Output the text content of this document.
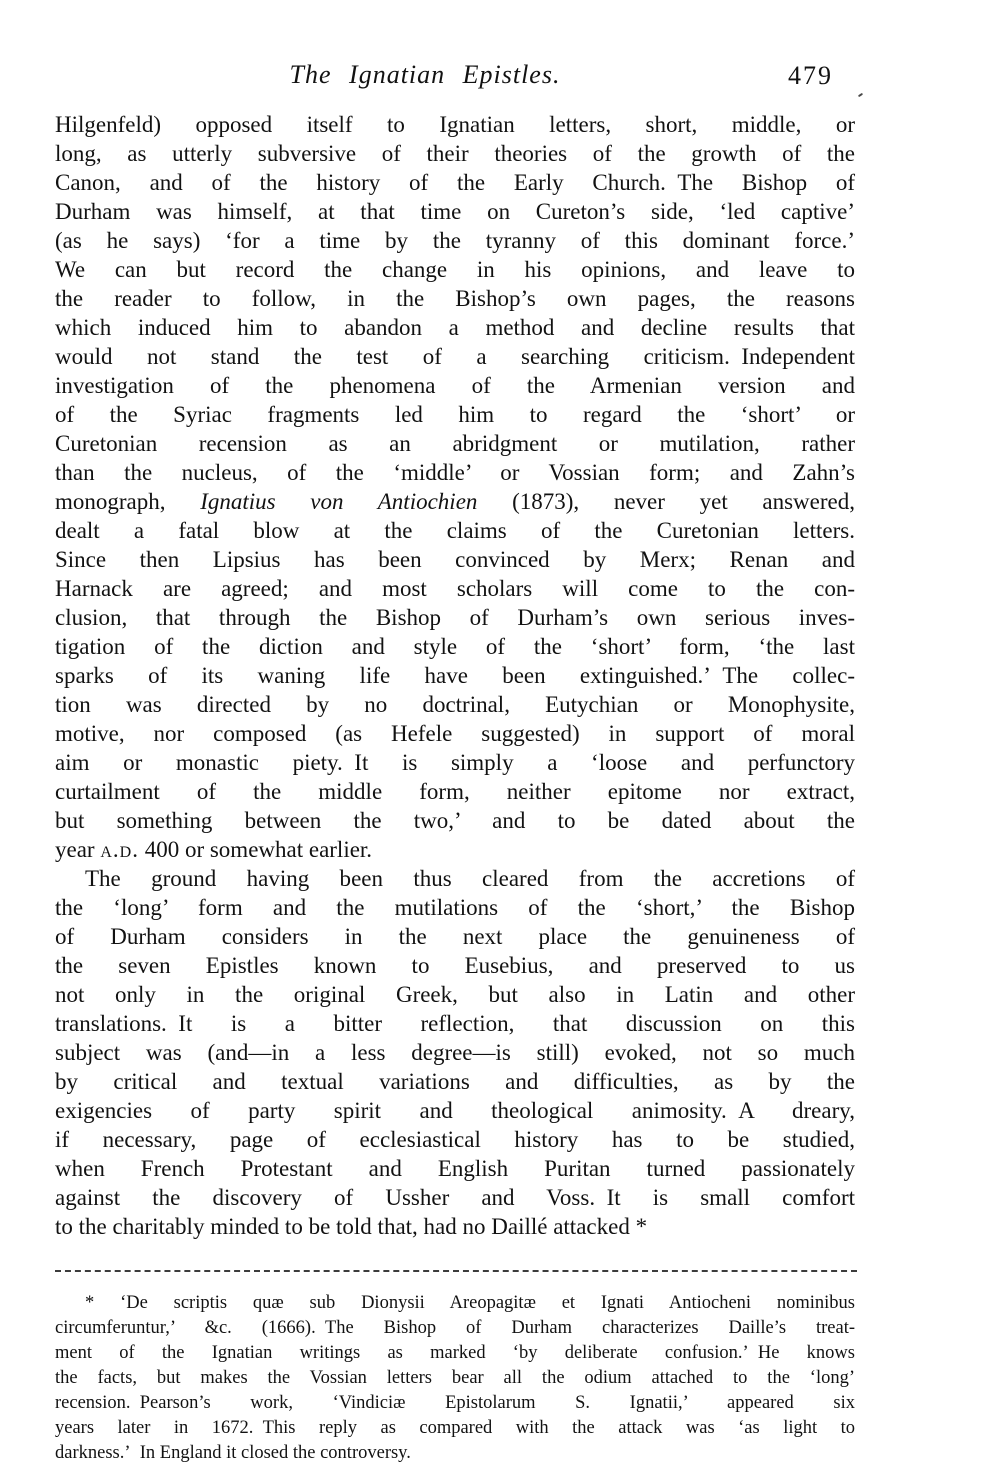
The Ignatian Epistles.	479
Hilgenfeld) opposed itself to Ignatian letters, short, middle, or
long, as utterly subversive of their theories of the growth of the
Canon, and of the history of the Early Church. The Bishop of
Durham was himself, at that time on Cureton’s side, ‘led captive’
(as he says) ‘for a time by the tyranny of this dominant force.’
We can but record the change in his opinions, and leave to
the reader to follow, in the Bishop’s own pages, the reasons
which induced him to abandon a method and decline results that
would not stand the test of a searching criticism. Independent
investigation of the phenomena of the Armenian version and
of the Syriac fragments led him to regard the ‘short’ or
Curetonian recension as an abridgment or mutilation, rather
than the nucleus, of the ‘middle’ or Vossian form; and Zahn’s
monograph, Ignatius von Antiochien (1873), never yet answered,
dealt a fatal blow at the claims of the Curetonian letters.
Since then Lipsius has been convinced by Merx; Renan and
Harnack are agreed; and most scholars will come to the con-
clusion, that through the Bishop of Durham’s own serious inves-
tigation of the diction and style of the ‘short’ form, ‘the last
sparks of its waning life have been extinguished.’ The collec-
tion was directed by no doctrinal, Eutychian or Monophysite,
motive, nor composed (as Hefele suggested) in support of moral
aim or monastic piety. It is simply a ‘loose and perfunctory
curtailment of the middle form, neither epitome nor extract,
but something between the two,’ and to be dated about the
year a.d. 400 or somewhat earlier.
The ground having been thus cleared from the accretions of
the ‘long’ form and the mutilations of the ‘short,’ the Bishop
of Durham considers in the next place the genuineness of
the seven Epistles known to Eusebius, and preserved to us
not only in the original Greek, but also in Latin and other
translations. It is a bitter reflection, that discussion on this
subject was (and—in a less degree—is still) evoked, not so much
by critical and textual variations and difficulties, as by the
exigencies of party spirit and theological animosity. A dreary,
if necessary, page of ecclesiastical history has to be studied,
when French Protestant and English Puritan turned passionately
against the discovery of Ussher and Voss. It is small comfort
to the charitably minded to be told that, had no Daillé attacked *
* ‘De scriptis quæ sub Dionysii Areopagitæ et Ignati Antiocheni nominibus
circumferuntur,’ &c. (1666). The Bishop of Durham characterizes Daille’s treat-
ment of the Ignatian writings as marked ‘by deliberate confusion.’ He knows
the facts, but makes the Vossian letters bear all the odium attached to the ‘long’
recension. Pearson’s work, ‘Vindiciæ Epistolarum S. Ignatii,’ appeared six
years later in 1672. This reply as compared with the attack was ‘as light to
darkness.’ In England it closed the controversy.
